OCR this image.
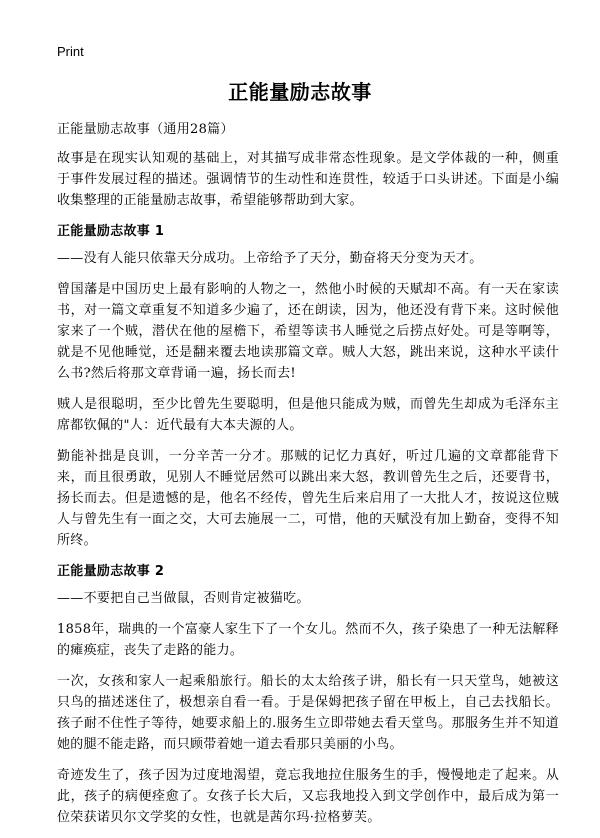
Print
正能量励志故事

正能量励志故事（通用28篇）

故事是在现实认知观的基础上，对其描写成非常态性现象。是文学体裁的一种，侧重于事件发展过程的描述。强调情节的生动性和连贯性，较适于口头讲述。下面是小编收集整理的正能量励志故事，希望能够帮助到大家。

正能量励志故事 1

——没有人能只依靠天分成功。上帝给予了天分，勤奋将天分变为天才。

曾国藩是中国历史上最有影响的人物之一，然他小时候的天赋却不高。有一天在家读书，对一篇文章重复不知道多少遍了，还在朗读，因为，他还没有背下来。这时候他家来了一个贼，潜伏在他的屋檐下，希望等读书人睡觉之后捞点好处。可是等啊等，就是不见他睡觉，还是翻来覆去地读那篇文章。贼人大怒，跳出来说，这种水平读什么书?然后将那文章背诵一遍，扬长而去!

贼人是很聪明，至少比曾先生要聪明，但是他只能成为贼，而曾先生却成为毛泽东主席都钦佩的"人：近代最有大本夫源的人。

勤能补拙是良训，一分辛苦一分才。那贼的记忆力真好，听过几遍的文章都能背下来，而且很勇敢，见别人不睡觉居然可以跳出来大怒，教训曾先生之后，还要背书，扬长而去。但是遗憾的是，他名不经传，曾先生后来启用了一大批人才，按说这位贼人与曾先生有一面之交，大可去施展一二，可惜，他的天赋没有加上勤奋，变得不知所终。

正能量励志故事 2

——不要把自己当做鼠，否则肯定被猫吃。

1858年，瑞典的一个富豪人家生下了一个女儿。然而不久，孩子染患了一种无法解释的瘫痪症，丧失了走路的能力。

一次，女孩和家人一起乘船旅行。船长的太太给孩子讲，船长有一只天堂鸟，她被这只鸟的描述迷住了，极想亲自看一看。于是保姆把孩子留在甲板上，自己去找船长。孩子耐不住性子等待，她要求船上的.服务生立即带她去看天堂鸟。那服务生并不知道她的腿不能走路，而只顾带着她一道去看那只美丽的小鸟。

奇迹发生了，孩子因为过度地渴望，竟忘我地拉住服务生的手，慢慢地走了起来。从此，孩子的病便痊愈了。女孩子长大后，又忘我地投入到文学创作中，最后成为第一位荣获诺贝尔文学奖的女性，也就是茜尔玛·拉格萝芙。
